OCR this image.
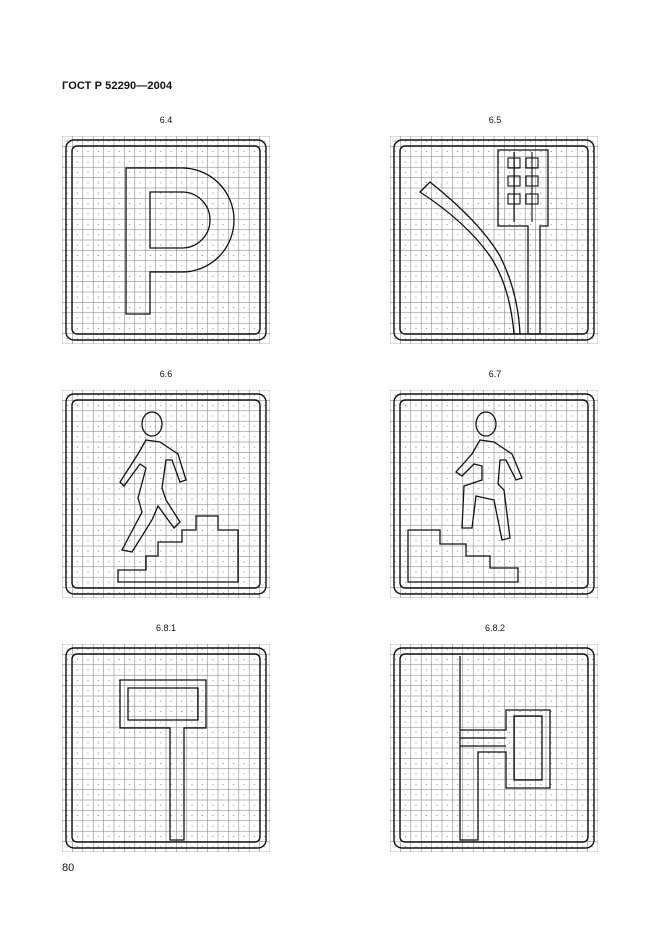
ГОСТ Р 52290—2004
6.4	6.5
6.6	6.7
6.8.1	6.8.2
80
